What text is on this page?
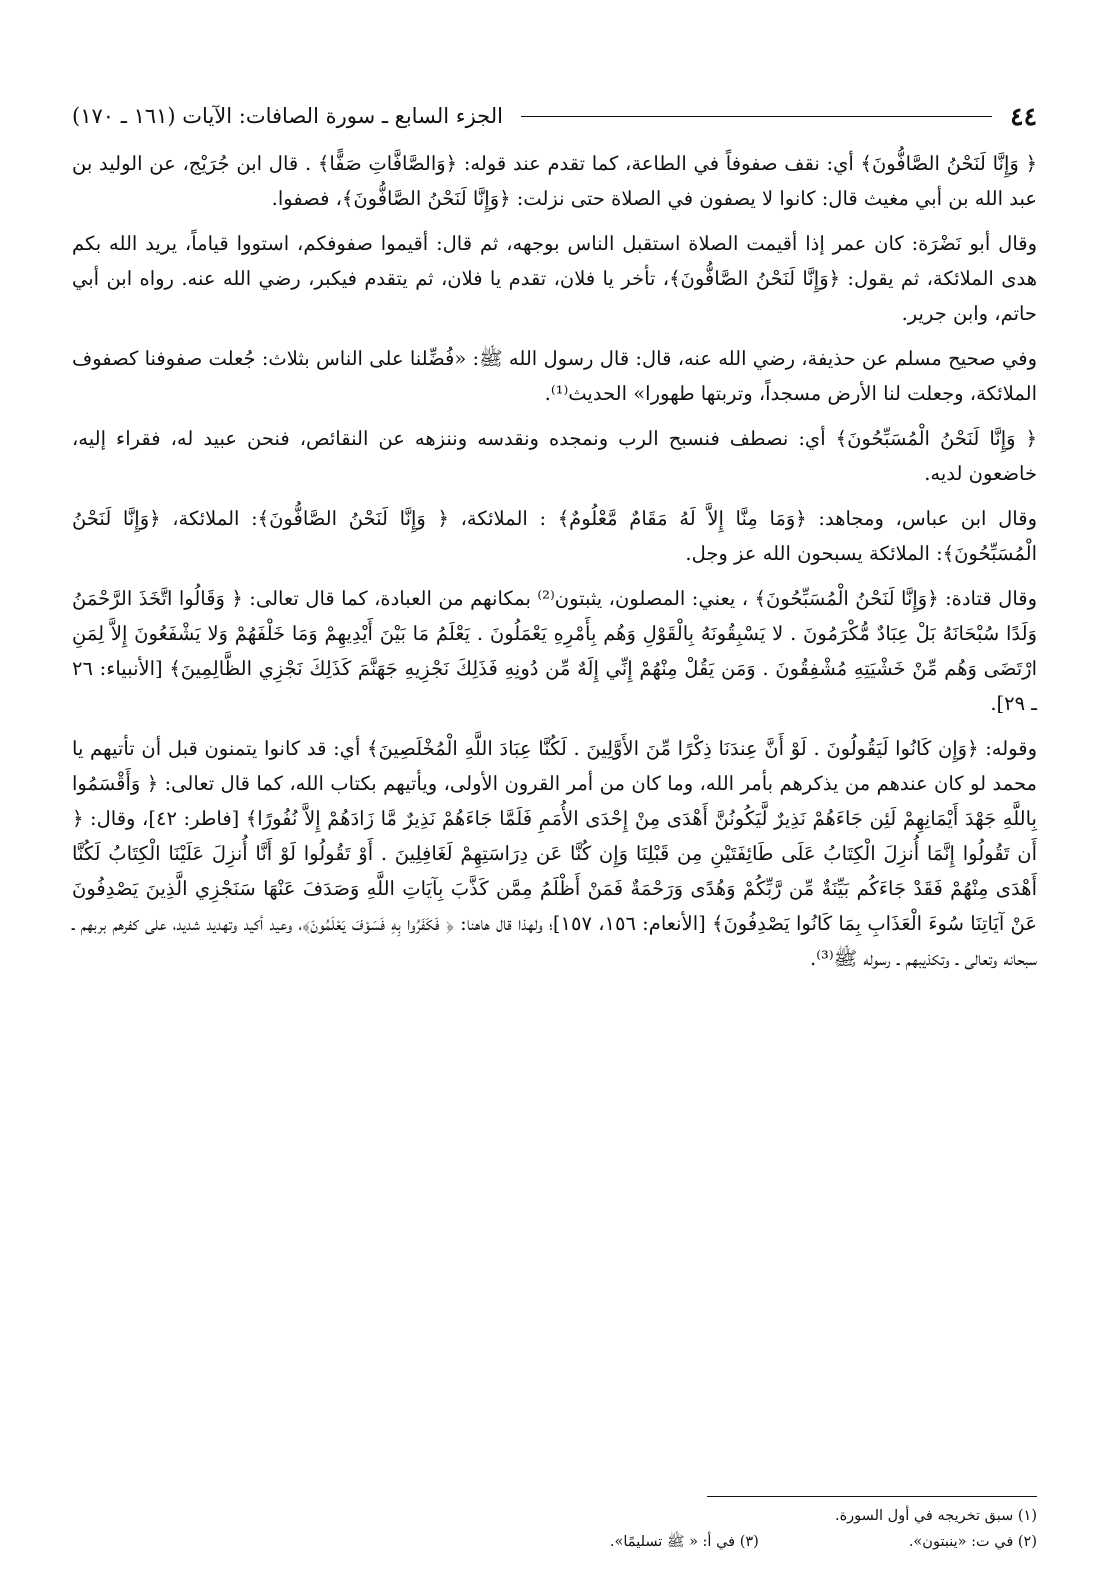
٤٤
الجزء السابع ـ سورة الصافات: الآيات (١٦١ ـ ١٧٠)

﴿ وَإِنَّا لَنَحْنُ الصَّافُّونَ﴾ أي: نقف صفوفاً في الطاعة، كما تقدم عند قوله: ﴿وَالصَّافَّاتِ صَفًّا﴾ . قال ابن جُرَيْج، عن الوليد بن عبد الله بن أبي مغيث قال: كانوا لا يصفون في الصلاة حتى نزلت: ﴿وَإِنَّا لَنَحْنُ الصَّافُّونَ﴾، فصفوا.

وقال أبو نَضْرَة: كان عمر إذا أقيمت الصلاة استقبل الناس بوجهه، ثم قال: أقيموا صفوفكم، استووا قياماً، يريد الله بكم هدى الملائكة، ثم يقول: ﴿وَإِنَّا لَنَحْنُ الصَّافُّونَ﴾، تأخر يا فلان، تقدم يا فلان، ثم يتقدم فيكبر، رضي الله عنه. رواه ابن أبي حاتم، وابن جرير.

وفي صحيح مسلم عن حذيفة، رضي الله عنه، قال: قال رسول الله ﷺ: «فُضِّلنا على الناس بثلاث: جُعلت صفوفنا كصفوف الملائكة، وجعلت لنا الأرض مسجداً، وتربتها طهورا» الحديث⁽¹⁾.

﴿ وَإِنَّا لَنَحْنُ الْمُسَبِّحُونَ﴾ أي: نصطف فنسبح الرب ونمجده ونقدسه وننزهه عن النقائص، فنحن عبيد له، فقراء إليه، خاضعون لديه.

وقال ابن عباس، ومجاهد: ﴿وَمَا مِنَّا إِلاَّ لَهُ مَقَامٌ مَّعْلُومٌ﴾ : الملائكة، ﴿ وَإِنَّا لَنَحْنُ الصَّافُّونَ﴾: الملائكة، ﴿وَإِنَّا لَنَحْنُ الْمُسَبِّحُونَ﴾: الملائكة يسبحون الله عز وجل.

وقال قتادة: ﴿وَإِنَّا لَنَحْنُ الْمُسَبِّحُونَ﴾ ، يعني: المصلون، يثبتون⁽²⁾ بمكانهم من العبادة، كما قال تعالى: ﴿ وَقَالُوا اتَّخَذَ الرَّحْمَنُ وَلَدًا سُبْحَانَهُ بَلْ عِبَادٌ مُّكْرَمُونَ . لا يَسْبِقُونَهُ بِالْقَوْلِ وَهُم بِأَمْرِهِ يَعْمَلُونَ . يَعْلَمُ مَا بَيْنَ أَيْدِيهِمْ وَمَا خَلْفَهُمْ وَلا يَشْفَعُونَ إِلاَّ لِمَنِ ارْتَضَى وَهُم مِّنْ خَشْيَتِهِ مُشْفِقُونَ . وَمَن يَقُلْ مِنْهُمْ إِنِّي إِلَهٌ مِّن دُونِهِ فَذَلِكَ نَجْزِيهِ جَهَنَّمَ كَذَلِكَ نَجْزِي الظَّالِمِينَ﴾ [الأنبياء: ٢٦ ـ ٢٩].

وقوله: ﴿وَإِن كَانُوا لَيَقُولُونَ . لَوْ أَنَّ عِندَنَا ذِكْرًا مِّنَ الأَوَّلِينَ . لَكُنَّا عِبَادَ اللَّهِ الْمُخْلَصِينَ﴾ أي: قد كانوا يتمنون قبل أن تأتيهم يا محمد لو كان عندهم من يذكرهم بأمر الله، وما كان من أمر القرون الأولى، ويأتيهم بكتاب الله، كما قال تعالى: ﴿ وَأَقْسَمُوا بِاللَّهِ جَهْدَ أَيْمَانِهِمْ لَئِن جَاءَهُمْ نَذِيرٌ لَّيَكُونُنَّ أَهْدَى مِنْ إِحْدَى الأُمَمِ فَلَمَّا جَاءَهُمْ نَذِيرٌ مَّا زَادَهُمْ إِلاَّ نُفُورًا﴾ [فاطر: ٤٢]، وقال: ﴿ أَن تَقُولُوا إِنَّمَا أُنزِلَ الْكِتَابُ عَلَى طَائِفَتَيْنِ مِن قَبْلِنَا وَإِن كُنَّا عَن دِرَاسَتِهِمْ لَغَافِلِينَ . أَوْ تَقُولُوا لَوْ أَنَّا أُنزِلَ عَلَيْنَا الْكِتَابُ لَكُنَّا أَهْدَى مِنْهُمْ فَقَدْ جَاءَكُم بَيِّنَةٌ مِّن رَّبِّكُمْ وَهُدًى وَرَحْمَةٌ فَمَنْ أَظْلَمُ مِمَّن كَذَّبَ بِآيَاتِ اللَّهِ وَصَدَفَ عَنْهَا سَنَجْزِي الَّذِينَ يَصْدِفُونَ عَنْ آيَاتِنَا سُوءَ الْعَذَابِ بِمَا كَانُوا يَصْدِفُونَ﴾ [الأنعام: ١٥٦، ١٥٧]؛ ولهذا قال هاهنا: ﴿ فَكَفَرُوا بِهِ فَسَوْفَ يَعْلَمُونَ﴾، وعيد أكيد وتهديد شديد، على كفرهم بربهم ـ سبحانه وتعالى ـ وتكذيبهم ـ رسوله ﷺ⁽³⁾.

(١) سبق تخريجه في أول السورة.
(٢) في ت: «ينبتون».
(٣) في أ: « ﷺ تسليمًا».
